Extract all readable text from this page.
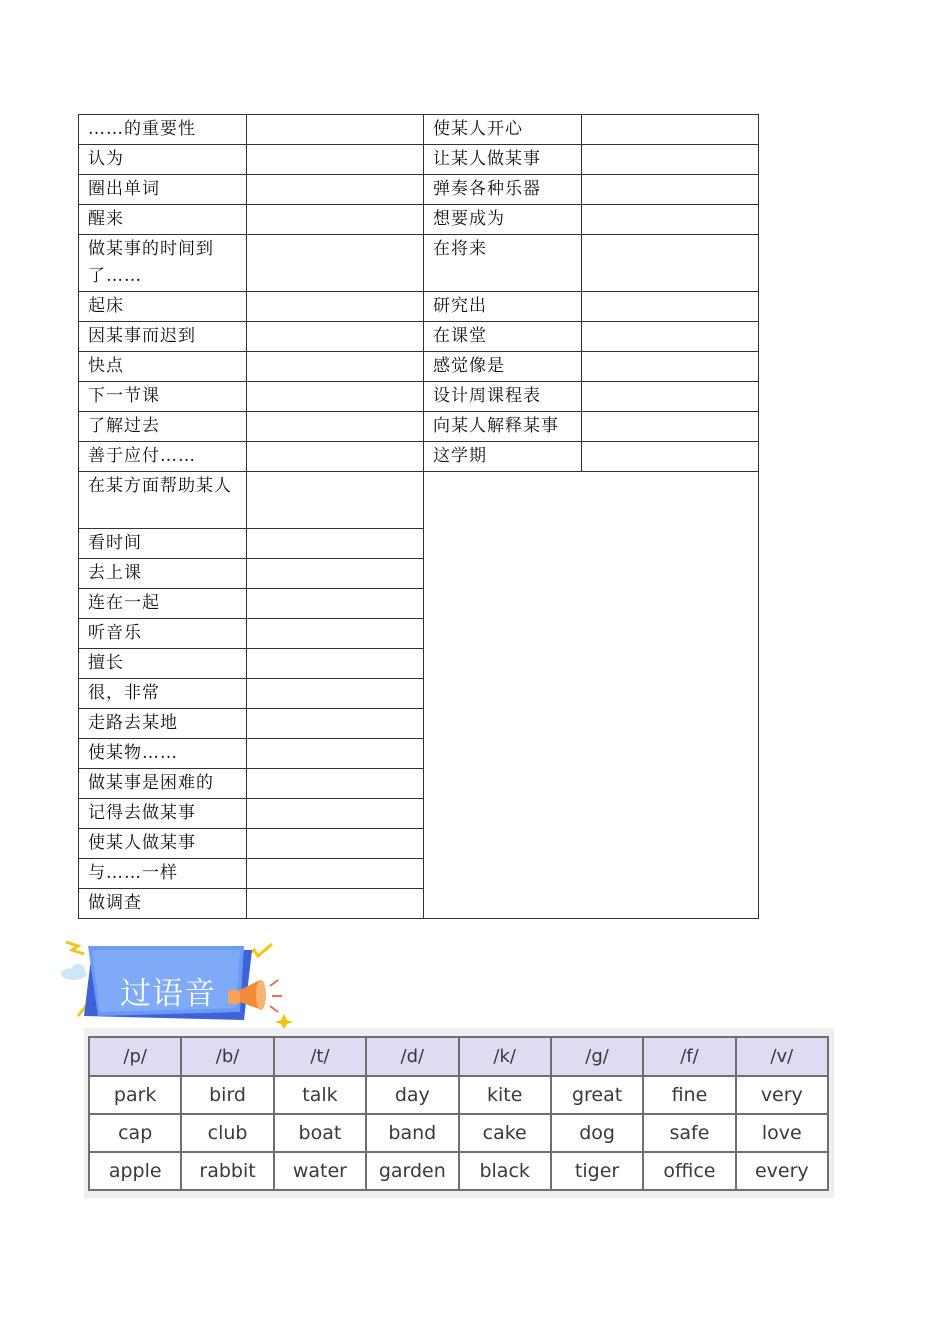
……的重要性		使某人开心	
认为		让某人做某事	
圈出单词		弹奏各种乐器	
醒来		想要成为	
做某事的时间到了……		在将来	
起床		研究出	
因某事而迟到		在课堂	
快点		感觉像是	
下一节课		设计周课程表	
了解过去		向某人解释某事	
善于应付……		这学期	
在某方面帮助某人			
看时间			
去上课			
连在一起			
听音乐			
擅长			
很，非常			
走路去某地			
使某物……			
做某事是困难的			
记得去做某事			
使某人做某事			
与……一样			
做调查			
过语音
/p/	/b/	/t/	/d/	/k/	/g/	/f/	/v/
park	bird	talk	day	kite	great	fine	very
cap	club	boat	band	cake	dog	safe	love
apple	rabbit	water	garden	black	tiger	office	every
